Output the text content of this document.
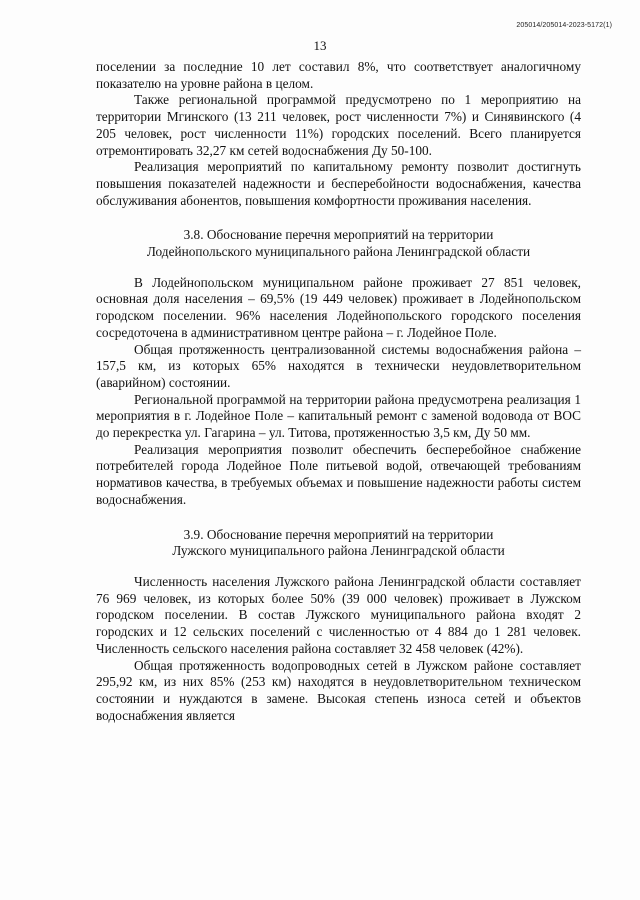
205014/205014-2023-5172(1)
13

поселении за последние 10 лет составил 8%, что соответствует аналогичному показателю на уровне района в целом.

Также региональной программой предусмотрено по 1 мероприятию на территории Мгинского (13 211 человек, рост численности 7%) и Синявинского (4 205 человек, рост численности 11%) городских поселений. Всего планируется отремонтировать 32,27 км сетей водоснабжения Ду 50-100.

Реализация мероприятий по капитальному ремонту позволит достигнуть повышения показателей надежности и бесперебойности водоснабжения, качества обслуживания абонентов, повышения комфортности проживания населения.

3.8. Обоснование перечня мероприятий на территории
Лодейнопольского муниципального района Ленинградской области

В Лодейнопольском муниципальном районе проживает 27 851 человек, основная доля населения – 69,5% (19 449 человек) проживает в Лодейнопольском городском поселении. 96% населения Лодейнопольского городского поселения сосредоточена в административном центре района – г. Лодейное Поле.

Общая протяженность централизованной системы водоснабжения района – 157,5 км, из которых 65% находятся в технически неудовлетворительном (аварийном) состоянии.

Региональной программой на территории района предусмотрена реализация 1 мероприятия в г. Лодейное Поле – капитальный ремонт с заменой водовода от ВОС до перекрестка ул. Гагарина – ул. Титова, протяженностью 3,5 км, Ду 50 мм.

Реализация мероприятия позволит обеспечить бесперебойное снабжение потребителей города Лодейное Поле питьевой водой, отвечающей требованиям нормативов качества, в требуемых объемах и повышение надежности работы систем водоснабжения.

3.9. Обоснование перечня мероприятий на территории
Лужского муниципального района Ленинградской области

Численность населения Лужского района Ленинградской области составляет 76 969 человек, из которых более 50% (39 000 человек) проживает в Лужском городском поселении. В состав Лужского муниципального района входят 2 городских и 12 сельских поселений с численностью от 4 884 до 1 281 человек. Численность сельского населения района составляет 32 458 человек (42%).

Общая протяженность водопроводных сетей в Лужском районе составляет 295,92 км, из них 85% (253 км) находятся в неудовлетворительном техническом состоянии и нуждаются в замене. Высокая степень износа сетей и объектов водоснабжения является
